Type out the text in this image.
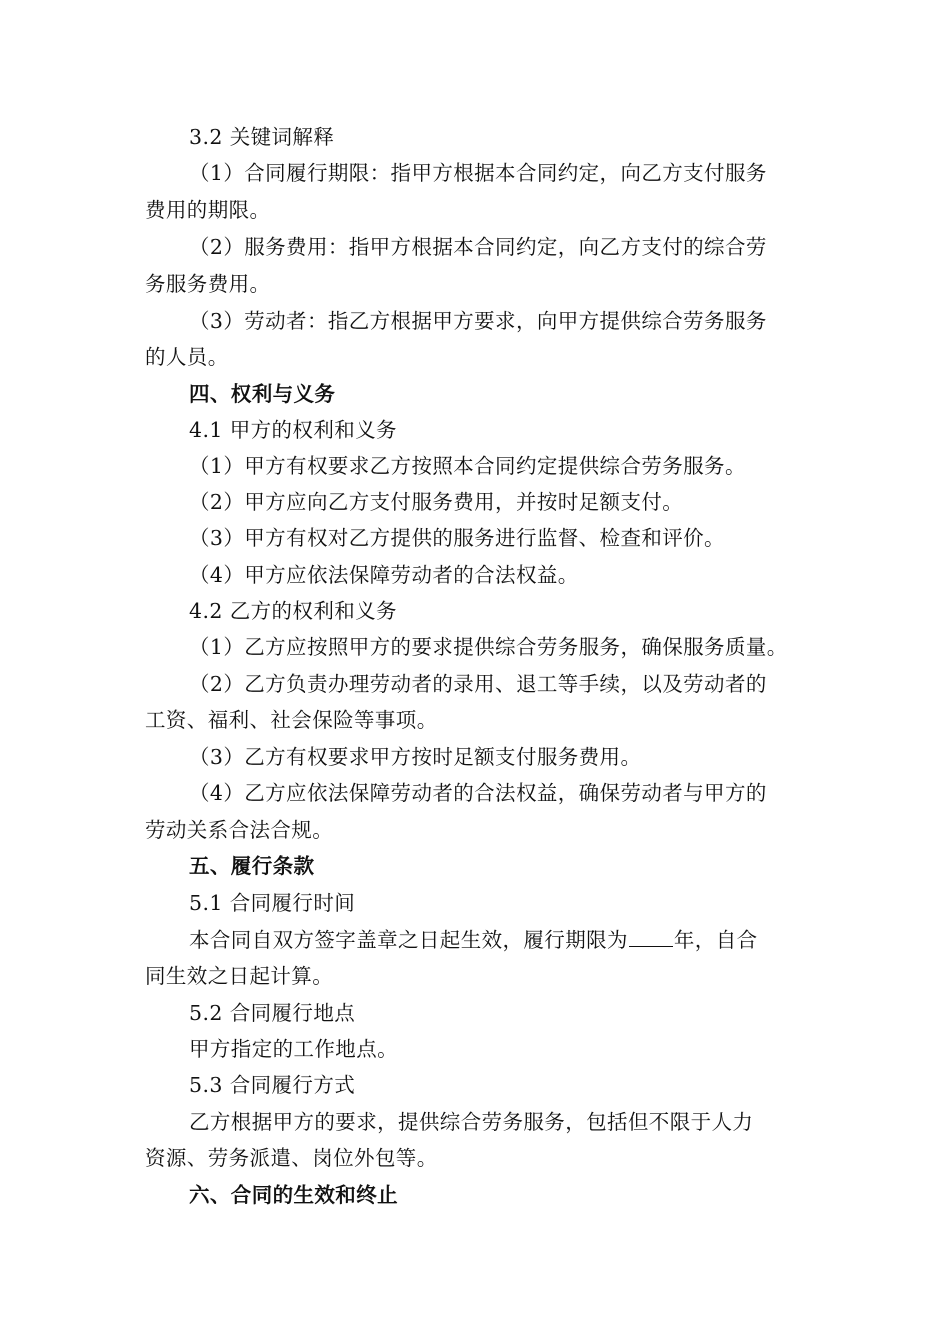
3.2 关键词解释
（1）合同履行期限：指甲方根据本合同约定，向乙方支付服务
费用的期限。
（2）服务费用：指甲方根据本合同约定，向乙方支付的综合劳
务服务费用。
（3）劳动者：指乙方根据甲方要求，向甲方提供综合劳务服务
的人员。
四、权利与义务
4.1 甲方的权利和义务
（1）甲方有权要求乙方按照本合同约定提供综合劳务服务。
（2）甲方应向乙方支付服务费用，并按时足额支付。
（3）甲方有权对乙方提供的服务进行监督、检查和评价。
（4）甲方应依法保障劳动者的合法权益。
4.2 乙方的权利和义务
（1）乙方应按照甲方的要求提供综合劳务服务，确保服务质量。
（2）乙方负责办理劳动者的录用、退工等手续，以及劳动者的
工资、福利、社会保险等事项。
（3）乙方有权要求甲方按时足额支付服务费用。
（4）乙方应依法保障劳动者的合法权益，确保劳动者与甲方的
劳动关系合法合规。
五、履行条款
5.1 合同履行时间
本合同自双方签字盖章之日起生效，履行期限为 年，自合
同生效之日起计算。
5.2 合同履行地点
甲方指定的工作地点。
5.3 合同履行方式
乙方根据甲方的要求，提供综合劳务服务，包括但不限于人力
资源、劳务派遣、岗位外包等。
六、合同的生效和终止
